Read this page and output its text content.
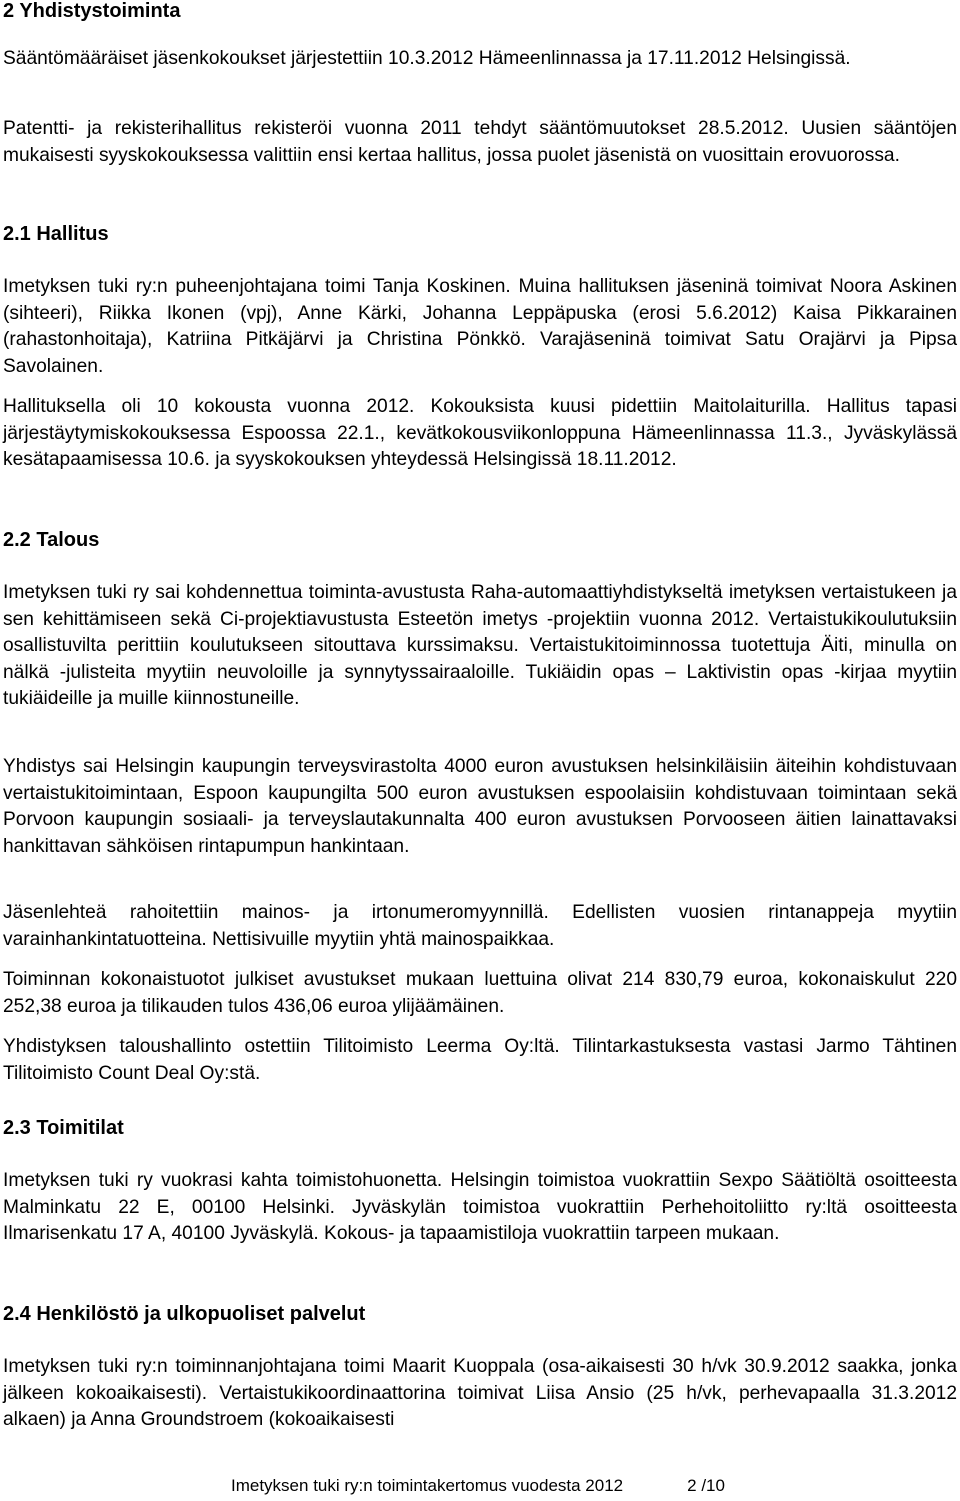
2 Yhdistystoiminta

Sääntömääräiset jäsenkokoukset järjestettiin 10.3.2012 Hämeenlinnassa ja 17.11.2012 Helsingissä.

Patentti- ja rekisterihallitus rekisteröi vuonna 2011 tehdyt sääntömuutokset 28.5.2012. Uusien sääntöjen mukaisesti syyskokouksessa valittiin ensi kertaa hallitus, jossa puolet jäsenistä on vuosittain erovuorossa.

2.1 Hallitus

Imetyksen tuki ry:n puheenjohtajana toimi Tanja Koskinen. Muina hallituksen jäseninä toimivat Noora Askinen (sihteeri), Riikka Ikonen (vpj), Anne Kärki, Johanna Leppäpuska (erosi 5.6.2012) Kaisa Pikkarainen (rahastonhoitaja), Katriina Pitkäjärvi ja Christina Pönkkö. Varajäseninä toimivat Satu Orajärvi ja Pipsa Savolainen.

Hallituksella oli 10 kokousta vuonna 2012. Kokouksista kuusi pidettiin Maitolaiturilla. Hallitus tapasi järjestäytymiskokouksessa Espoossa 22.1., kevätkokousviikonloppuna Hämeenlinnassa 11.3., Jyväskylässä kesätapaamisessa 10.6. ja syyskokouksen yhteydessä Helsingissä 18.11.2012.

2.2 Talous

Imetyksen tuki ry sai kohdennettua toiminta-avustusta Raha-automaattiyhdistykseltä imetyksen vertaistukeen ja sen kehittämiseen sekä Ci-projektiavustusta Esteetön imetys -projektiin vuonna 2012. Vertaistukikoulutuksiin osallistuvilta perittiin koulutukseen sitouttava kurssimaksu. Vertaistukitoiminnossa tuotettuja Äiti, minulla on nälkä -julisteita myytiin neuvoloille ja synnytyssairaaloille. Tukiäidin opas – Laktivistin opas -kirjaa myytiin tukiäideille ja muille kiinnostuneille.

Yhdistys sai Helsingin kaupungin terveysvirastolta 4000 euron avustuksen helsinkiläisiin äiteihin kohdistuvaan vertaistukitoimintaan, Espoon kaupungilta 500 euron avustuksen espoolaisiin kohdistuvaan toimintaan sekä Porvoon kaupungin sosiaali- ja terveyslautakunnalta 400 euron avustuksen Porvooseen äitien lainattavaksi hankittavan sähköisen rintapumpun hankintaan.

Jäsenlehteä rahoitettiin mainos- ja irtonumeromyynnillä. Edellisten vuosien rintanappeja myytiin varainhankintatuotteina. Nettisivuille myytiin yhtä mainospaikkaa.

Toiminnan kokonaistuotot julkiset avustukset mukaan luettuina olivat 214 830,79 euroa, kokonaiskulut 220 252,38 euroa ja tilikauden tulos 436,06 euroa ylijäämäinen.

Yhdistyksen taloushallinto ostettiin Tilitoimisto Leerma Oy:ltä. Tilintarkastuksesta vastasi Jarmo Tähtinen Tilitoimisto Count Deal Oy:stä.

2.3 Toimitilat

Imetyksen tuki ry vuokrasi kahta toimistohuonetta. Helsingin toimistoa vuokrattiin Sexpo Säätiöltä osoitteesta Malminkatu 22 E, 00100 Helsinki. Jyväskylän toimistoa vuokrattiin Perhehoitoliitto ry:ltä osoitteesta Ilmarisenkatu 17 A, 40100 Jyväskylä. Kokous- ja tapaamistiloja vuokrattiin tarpeen mukaan.

2.4 Henkilöstö ja ulkopuoliset palvelut

Imetyksen tuki ry:n toiminnanjohtajana toimi Maarit Kuoppala (osa-aikaisesti 30 h/vk 30.9.2012 saakka, jonka jälkeen kokoaikaisesti). Vertaistukikoordinaattorina toimivat Liisa Ansio (25 h/vk, perhevapaalla 31.3.2012 alkaen) ja Anna Groundstroem (kokoaikaisesti

Imetyksen tuki ry:n toimintakertomus vuodesta 2012	2 /10
